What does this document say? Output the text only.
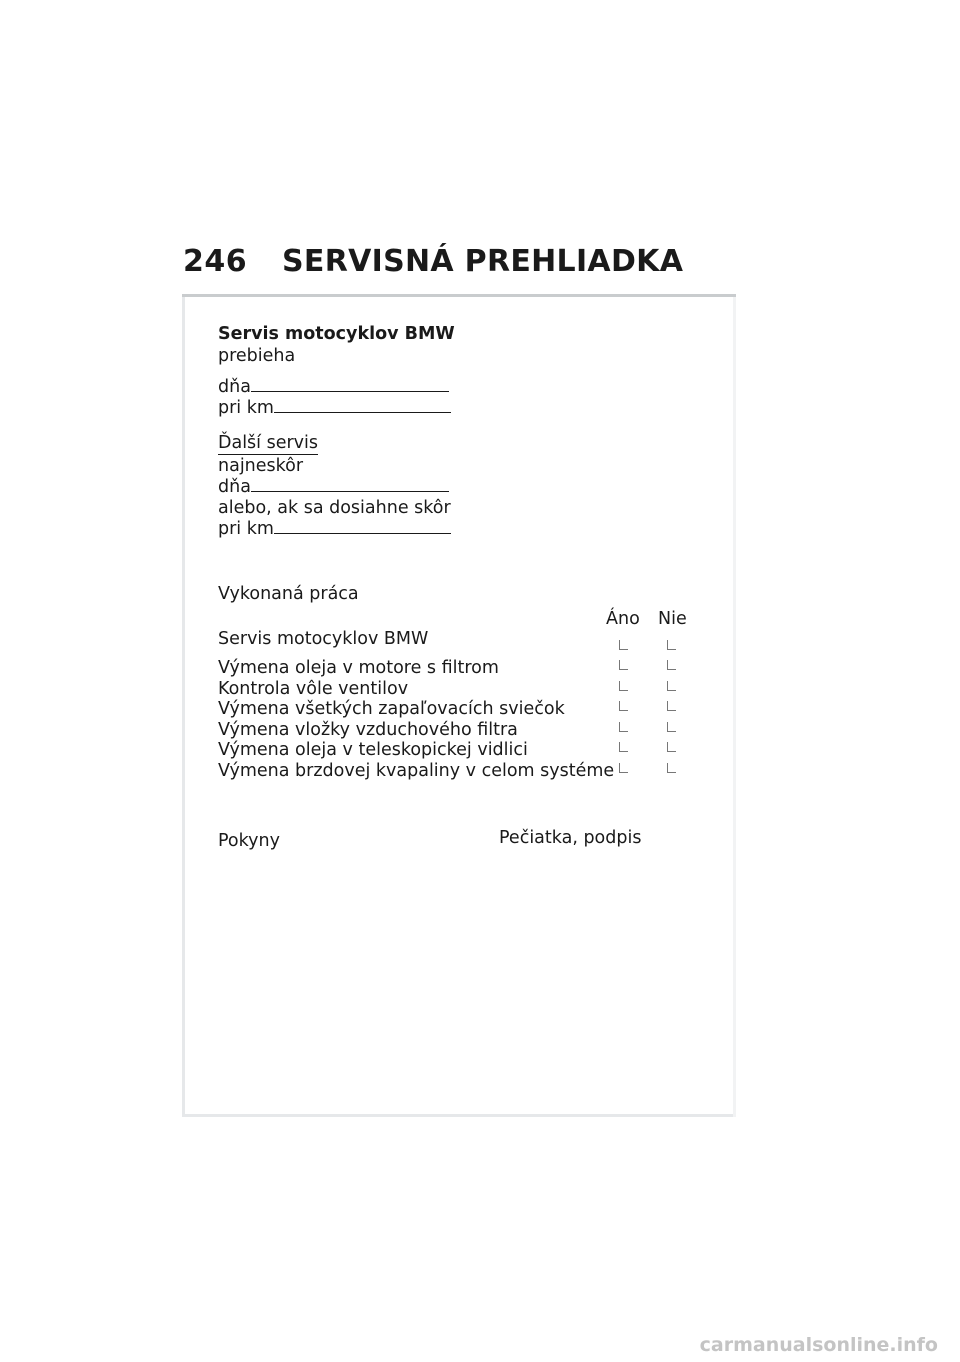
246 SERVISNÁ PREHLIADKA
Servis motocyklov BMW
prebieha
dňa
pri km
Ďalší servis
najneskôr
dňa
alebo, ak sa dosiahne skôr
pri km
Vykonaná práca
Áno Nie
Servis motocyklov BMW
Výmena oleja v motore s filtrom
Kontrola vôle ventilov
Výmena všetkých zapaľovacích sviečok
Výmena vložky vzduchového filtra
Výmena oleja v teleskopickej vidlici
Výmena brzdovej kvapaliny v celom systéme
Pokyny	Pečiatka, podpis
carmanualsonline.info
